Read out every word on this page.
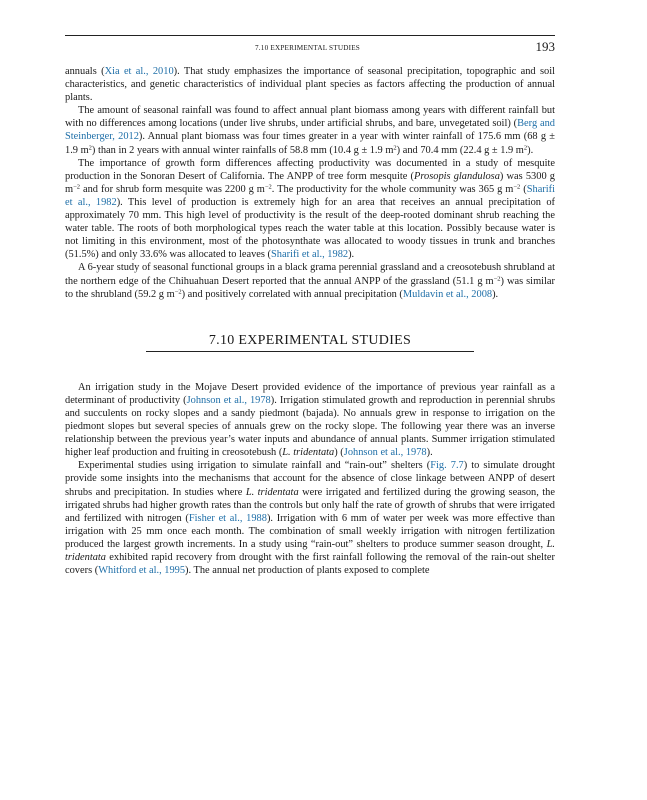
7.10 EXPERIMENTAL STUDIES	193

annuals (Xia et al., 2010). That study emphasizes the importance of seasonal precipitation, topographic and soil characteristics, and genetic characteristics of individual plant species as factors affecting the production of annual plants.

The amount of seasonal rainfall was found to affect annual plant biomass among years with different rainfall but with no differences among locations (under live shrubs, under artificial shrubs, and bare, unvegetated soil) (Berg and Steinberger, 2012). Annual plant biomass was four times greater in a year with winter rainfall of 175.6 mm (68 g ± 1.9 $m^2$) than in 2 years with annual winter rainfalls of 58.8 mm (10.4 g ± 1.9 $m^2$) and 70.4 mm (22.4 g ± 1.9 $m^2$).

The importance of growth form differences affecting productivity was documented in a study of mesquite production in the Sonoran Desert of California. The ANPP of tree form mesquite (Prosopis glandulosa) was 5300 g $m^{-2}$ and for shrub form mesquite was 2200 g $m^{-2}$. The productivity for the whole community was 365 g $m^{-2}$ (Sharifi et al., 1982). This level of production is extremely high for an area that receives an annual precipitation of approximately 70 mm. This high level of productivity is the result of the deep-rooted dominant shrub reaching the water table. The roots of both morphological types reach the water table at this location. Possibly because water is not limiting in this environment, most of the photosynthate was allocated to woody tissues in trunk and branches (51.5%) and only 33.6% was allocated to leaves (Sharifi et al., 1982).

A 6-year study of seasonal functional groups in a black grama perennial grassland and a creosotebush shrubland at the northern edge of the Chihuahuan Desert reported that the annual ANPP of the grassland (51.1 g $m^{-2}$) was similar to the shrubland (59.2 g $m^{-2}$) and positively correlated with annual precipitation (Muldavin et al., 2008).

7.10 EXPERIMENTAL STUDIES

An irrigation study in the Mojave Desert provided evidence of the importance of previous year rainfall as a determinant of productivity (Johnson et al., 1978). Irrigation stimulated growth and reproduction in perennial shrubs and succulents on rocky slopes and a sandy piedmont (bajada). No annuals grew in response to irrigation on the piedmont slopes but several species of annuals grew on the rocky slope. The following year there was an inverse relationship between the previous year’s water inputs and abundance of annual plants. Summer irrigation stimulated higher leaf production and fruiting in creosotebush (L. tridentata) (Johnson et al., 1978).

Experimental studies using irrigation to simulate rainfall and “rain-out” shelters (Fig. 7.7) to simulate drought provide some insights into the mechanisms that account for the absence of close linkage between ANPP of desert shrubs and precipitation. In studies where L. tridentata were irrigated and fertilized during the growing season, the irrigated shrubs had higher growth rates than the controls but only half the rate of growth of shrubs that were irrigated and fertilized with nitrogen (Fisher et al., 1988). Irrigation with 6 mm of water per week was more effective than irrigation with 25 mm once each month. The combination of small weekly irrigation with nitrogen fertilization produced the largest growth increments. In a study using “rain-out” shelters to produce summer season drought, L. tridentata exhibited rapid recovery from drought with the first rainfall following the removal of the rain-out shelter covers (Whitford et al., 1995). The annual net production of plants exposed to complete
